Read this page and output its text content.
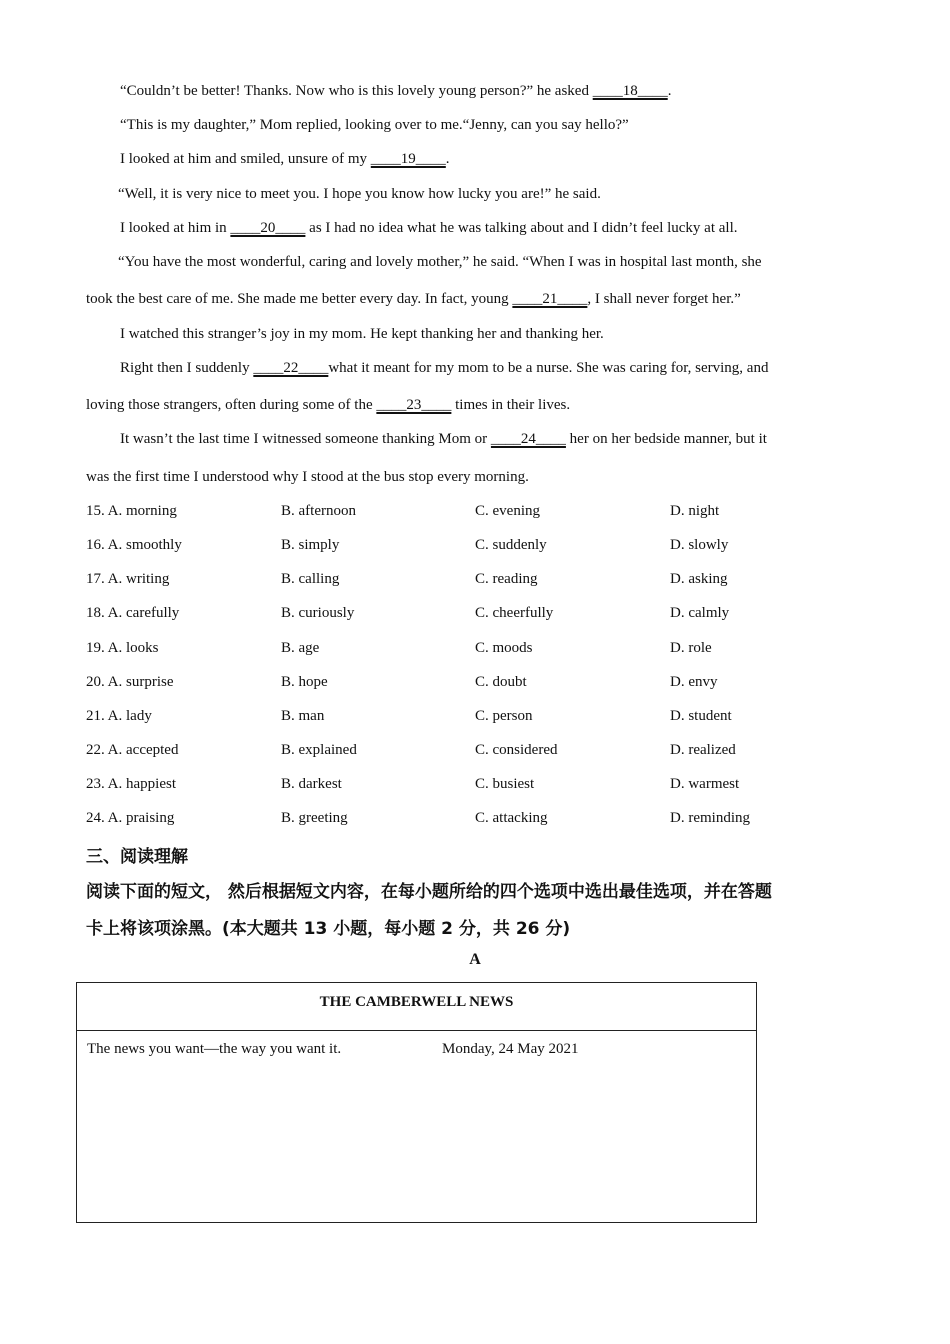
“Couldn’t be better! Thanks. Now who is this lovely young person?” he asked ____18____.
“This is my daughter,” Mom replied, looking over to me.“Jenny, can you say hello?”
I looked at him and smiled, unsure of my ____19____.
“Well, it is very nice to meet you. I hope you know how lucky you are!” he said.
I looked at him in ____20____ as I had no idea what he was talking about and I didn’t feel lucky at all.
“You have the most wonderful, caring and lovely mother,” he said. “When I was in hospital last month, she
took the best care of me. She made me better every day. In fact, young ____21____, I shall never forget her.”
I watched this stranger’s joy in my mom. He kept thanking her and thanking her.
Right then I suddenly ____22____what it meant for my mom to be a nurse. She was caring for, serving, and
loving those strangers, often during some of the ____23____ times in their lives.
It wasn’t the last time I witnessed someone thanking Mom or ____24____ her on her bedside manner, but it
was the first time I understood why I stood at the bus stop every morning.
15. A. morning	B. afternoon	C. evening	D. night
16. A. smoothly	B. simply	C. suddenly	D. slowly
17. A. writing	B. calling	C. reading	D. asking
18. A. carefully	B. curiously	C. cheerfully	D. calmly
19. A. looks	B. age	C. moods	D. role
20. A. surprise	B. hope	C. doubt	D. envy
21. A. lady	B. man	C. person	D. student
22. A. accepted	B. explained	C. considered	D. realized
23. A. happiest	B. darkest	C. busiest	D. warmest
24. A. praising	B. greeting	C. attacking	D. reminding
三、阅读理解
阅读下面的短文， 然后根据短文内容，在每小题所给的四个选项中选出最佳选项，并在答题
卡上将该项涂黑。(本大题共 13 小题，每小题 2 分，共 26 分)
A
THE CAMBERWELL NEWS
The news you want—the way you want it.	Monday, 24 May 2021
